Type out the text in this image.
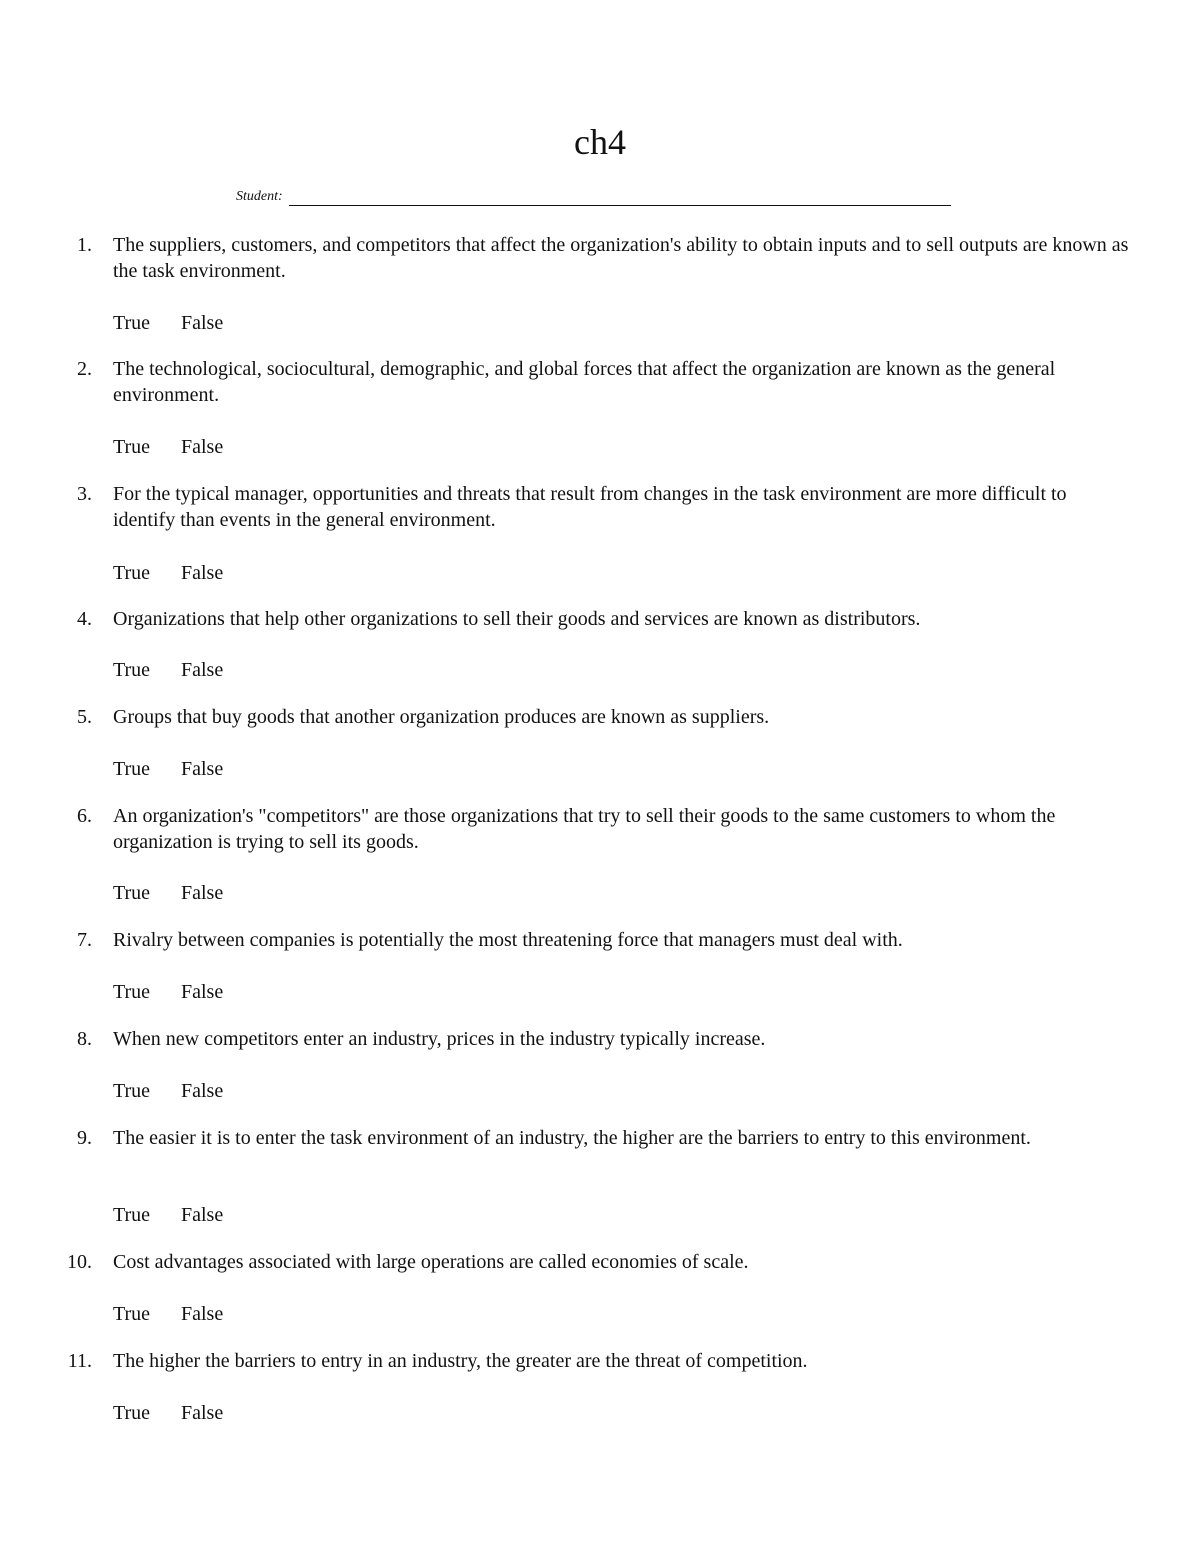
ch4
Student:
1. The suppliers, customers, and competitors that affect the organization's ability to obtain inputs and to sell outputs are known as the task environment.
True	False
2. The technological, sociocultural, demographic, and global forces that affect the organization are known as the general environment.
True	False
3. For the typical manager, opportunities and threats that result from changes in the task environment are more difficult to identify than events in the general environment.
True	False
4. Organizations that help other organizations to sell their goods and services are known as distributors.
True	False
5. Groups that buy goods that another organization produces are known as suppliers.
True	False
6. An organization's "competitors" are those organizations that try to sell their goods to the same customers to whom the organization is trying to sell its goods.
True	False
7. Rivalry between companies is potentially the most threatening force that managers must deal with.
True	False
8. When new competitors enter an industry, prices in the industry typically increase.
True	False
9. The easier it is to enter the task environment of an industry, the higher are the barriers to entry to this environment.
True	False
10. Cost advantages associated with large operations are called economies of scale.
True	False
11. The higher the barriers to entry in an industry, the greater are the threat of competition.
True	False
